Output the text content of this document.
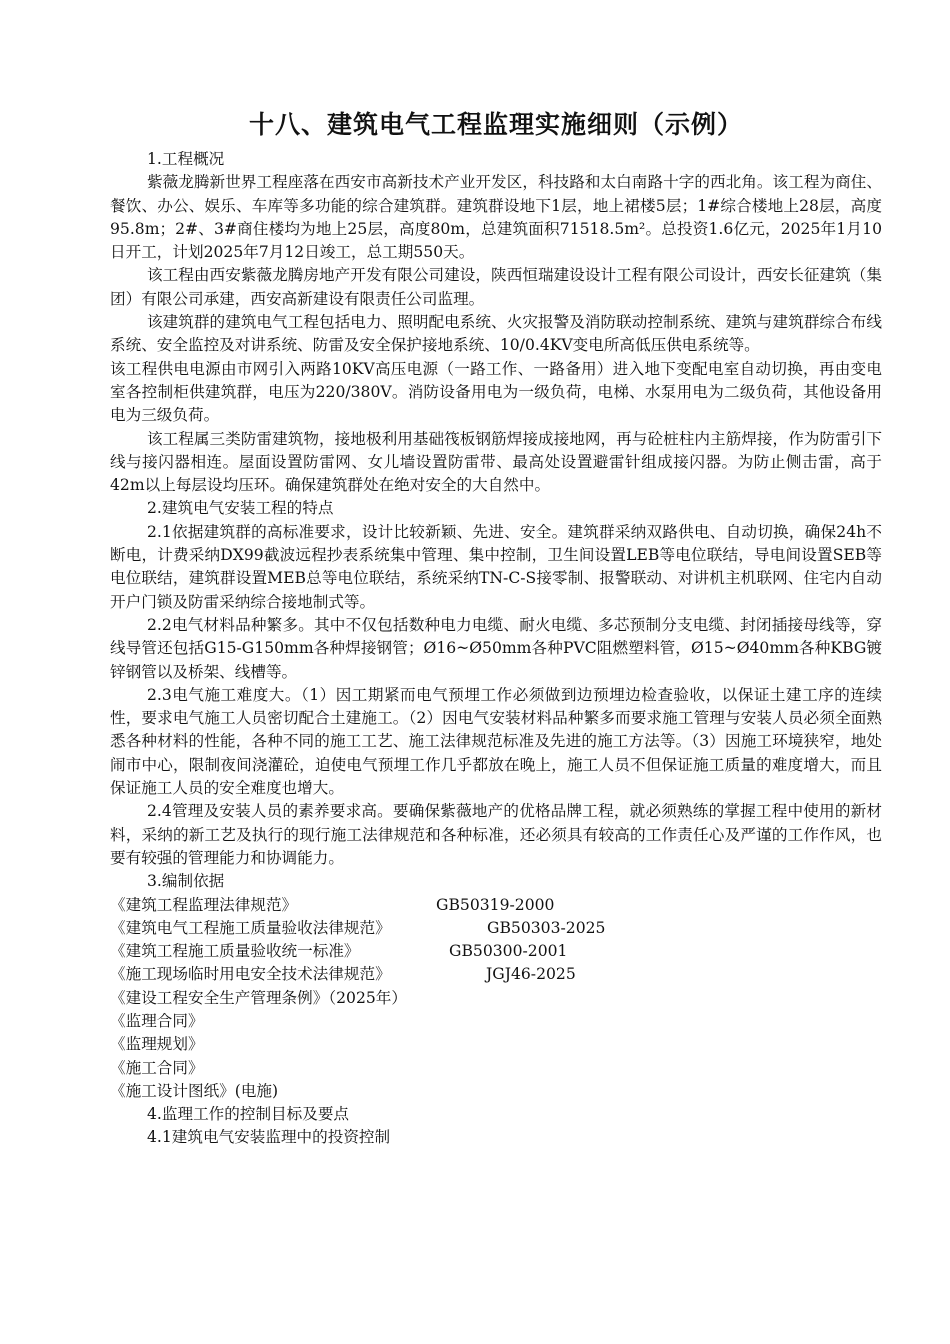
十八、建筑电气工程监理实施细则（示例）

1.工程概况

紫薇龙腾新世界工程座落在西安市高新技术产业开发区，科技路和太白南路十字的西北角。该工程为商住、餐饮、办公、娱乐、车库等多功能的综合建筑群。建筑群设地下1层，地上裙楼5层；1#综合楼地上28层，高度95.8m；2#、3#商住楼均为地上25层，高度80m，总建筑面积71518.5m²。总投资1.6亿元，2025年1月10日开工，计划2025年7月12日竣工，总工期550天。

该工程由西安紫薇龙腾房地产开发有限公司建设，陕西恒瑞建设设计工程有限公司设计，西安长征建筑（集团）有限公司承建，西安高新建设有限责任公司监理。

该建筑群的建筑电气工程包括电力、照明配电系统、火灾报警及消防联动控制系统、建筑与建筑群综合布线系统、安全监控及对讲系统、防雷及安全保护接地系统、10/0.4KV变电所高低压供电系统等。

该工程供电电源由市网引入两路10KV高压电源（一路工作、一路备用）进入地下变配电室自动切换，再由变电室各控制柜供建筑群，电压为220/380V。消防设备用电为一级负荷，电梯、水泵用电为二级负荷，其他设备用电为三级负荷。

该工程属三类防雷建筑物，接地极利用基础筏板钢筋焊接成接地网，再与砼桩柱内主筋焊接，作为防雷引下线与接闪器相连。屋面设置防雷网、女儿墙设置防雷带、最高处设置避雷针组成接闪器。为防止侧击雷，高于42m以上每层设均压环。确保建筑群处在绝对安全的大自然中。

2.建筑电气安装工程的特点

2.1依据建筑群的高标准要求，设计比较新颖、先进、安全。建筑群采纳双路供电、自动切换，确保24h不断电，计费采纳DX99截波远程抄表系统集中管理、集中控制，卫生间设置LEB等电位联结，导电间设置SEB等电位联结，建筑群设置MEB总等电位联结，系统采纳TN-C-S接零制、报警联动、对讲机主机联网、住宅内自动开户门锁及防雷采纳综合接地制式等。

2.2电气材料品种繁多。其中不仅包括数种电力电缆、耐火电缆、多芯预制分支电缆、封闭插接母线等，穿线导管还包括G15-G150mm各种焊接钢管；Ø16~Ø50mm各种PVC阻燃塑料管，Ø15~Ø40mm各种KBG镀锌钢管以及桥架、线槽等。

2.3电气施工难度大。（1）因工期紧而电气预埋工作必须做到边预埋边检查验收，以保证土建工序的连续性，要求电气施工人员密切配合土建施工。（2）因电气安装材料品种繁多而要求施工管理与安装人员必须全面熟悉各种材料的性能，各种不同的施工工艺、施工法律规范标准及先进的施工方法等。（3）因施工环境狭窄，地处闹市中心，限制夜间浇灌砼，迫使电气预埋工作几乎都放在晚上，施工人员不但保证施工质量的难度增大，而且保证施工人员的安全难度也增大。

2.4管理及安装人员的素养要求高。要确保紫薇地产的优格品牌工程，就必须熟练的掌握工程中使用的新材料，采纳的新工艺及执行的现行施工法律规范和各种标准，还必须具有较高的工作责任心及严谨的工作作风，也要有较强的管理能力和协调能力。

3.编制依据

《建筑工程监理法律规范》	GB50319-2000
《建筑电气工程施工质量验收法律规范》	GB50303-2025
《建筑工程施工质量验收统一标准》	GB50300-2001
《施工现场临时用电安全技术法律规范》	JGJ46-2025
《建设工程安全生产管理条例》（2025年）
《监理合同》
《监理规划》
《施工合同》
《施工设计图纸》(电施)

4.监理工作的控制目标及要点

4.1建筑电气安装监理中的投资控制
